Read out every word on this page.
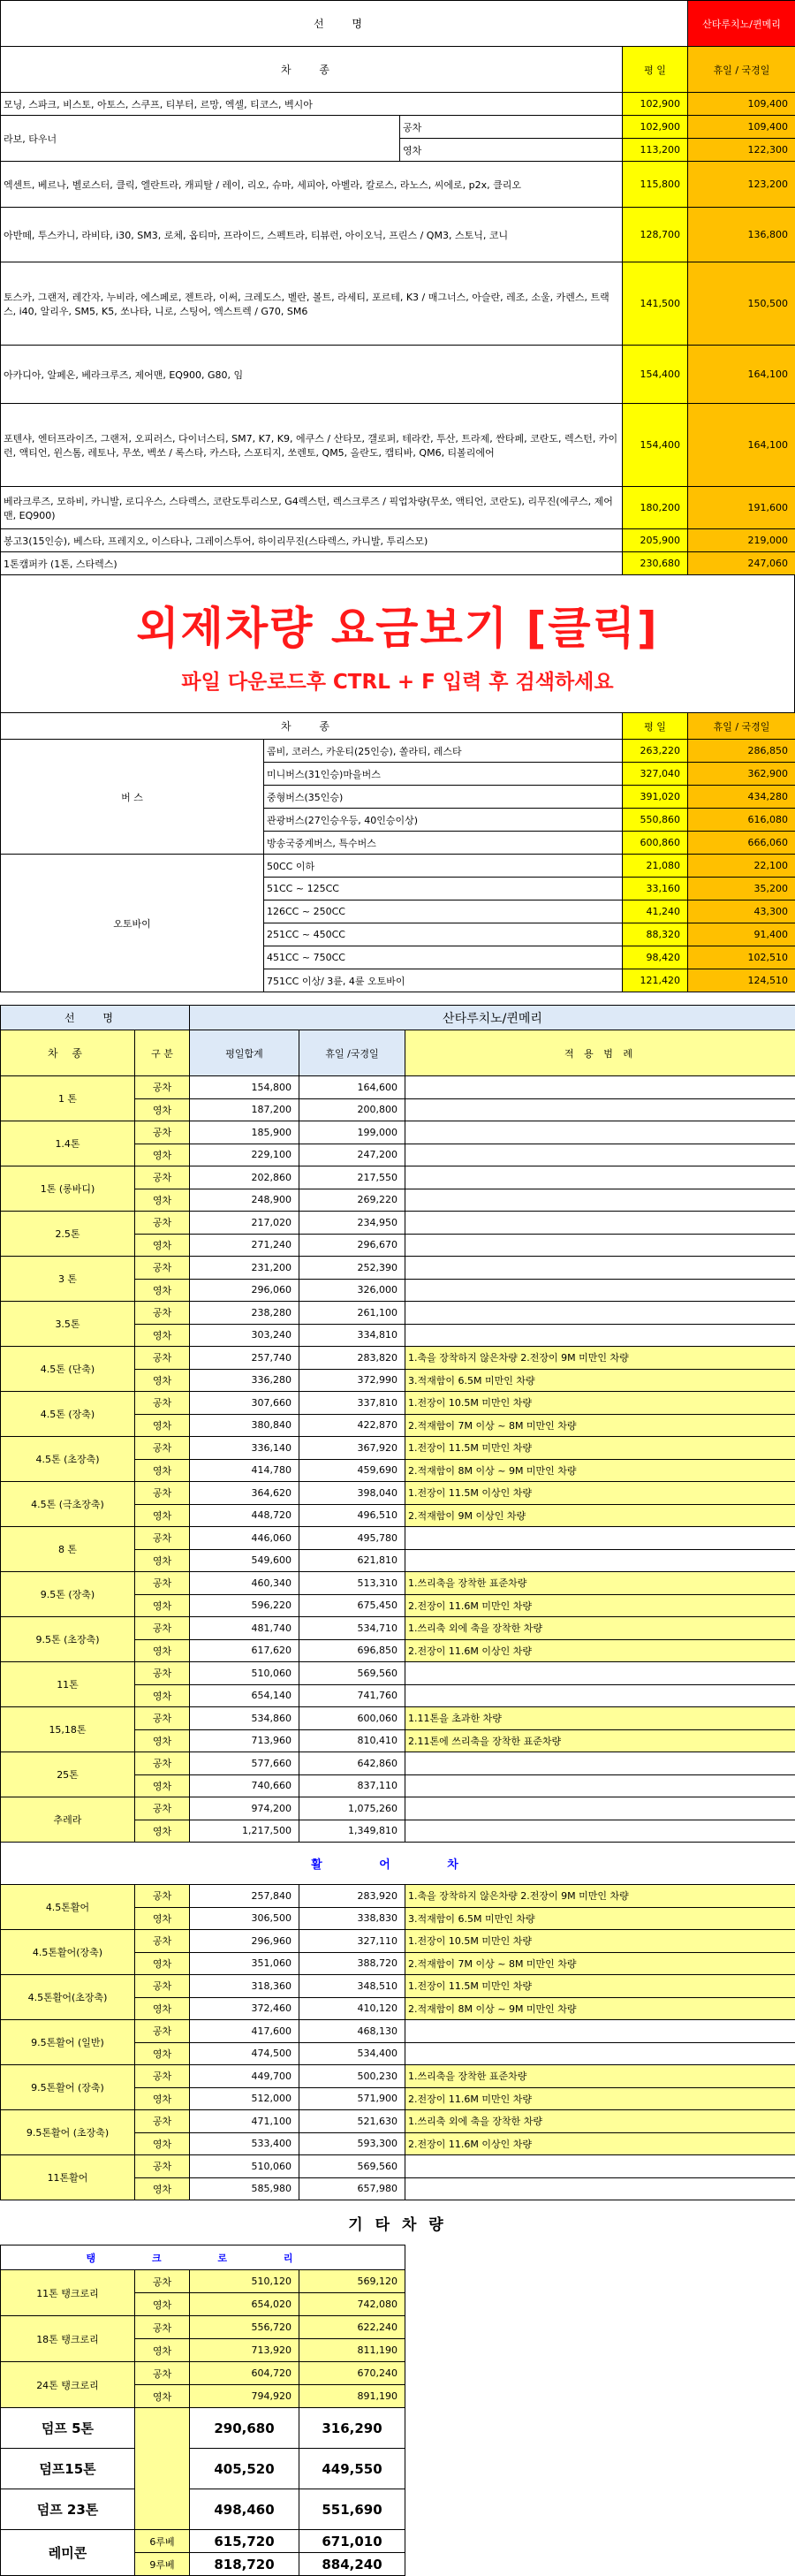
선 명			산타루치노/퀸메리
차 종		평 일	휴일 / 국경일
모닝, 스파크, 비스토, 아토스, 스쿠프, 티부터, 르망, 엑셀, 티코스, 벡시아		102,900	109,400
라보, 타우너	공차	102,900	109,400
	영차	113,200	122,300
엑센트, 베르나, 벨로스터, 클릭, 엘란트라, 캐피탈 / 레이, 리오, 슈마, 세피아, 아벨라, 칼로스, 라노스, 씨에로, p2x, 클리오		115,800	123,200
아반떼, 투스카니, 라비타, i30, SM3, 로체, 옵티마, 프라이드, 스펙트라, 티뷰런, 아이오닉, 프린스 / QM3, 스토닉, 코니		128,700	136,800
토스카, 그랜저, 레간자, 누비라, 에스페로, 젠트라, 이써, 크레도스, 벨란, 볼트, 라세티, 포르테, K3 / 매그너스, 아슬란, 레조, 소울, 카렌스, 트랙스, i40, 알리우, SM5, K5, 쏘나타, 니로, 스팅어, 엑스트렉 / G70, SM6		141,500	150,500
아카디아, 알페온, 베라크루즈, 제어맨, EQ900, G80, 임		154,400	164,100
포텐샤, 엔터프라이즈, 그랜저, 오피러스, 다이너스티, SM7, K7, K9, 에쿠스 / 산타모, 갤로퍼, 테라칸, 투산, 트라제, 싼타페, 코란도, 렉스턴, 카이런, 액티언, 윈스톰, 레토나, 무쏘, 벡쏘 / 록스타, 카스타, 스포티지, 쏘렌토, QM5, 올란도, 캡티바, QM6, 티볼리에어		154,400	164,100
베라크루즈, 모하비, 카니발, 로디우스, 스타렉스, 코란도투리스모, G4렉스턴, 렉스크루즈 / 픽업차량(무쏘, 액티언, 코란도), 리무진(에쿠스, 제어맨, EQ900)		180,200	191,600
봉고3(15인승), 베스타, 프레지오, 이스타나, 그레이스투어, 하이리무진(스타렉스, 카니발, 투리스모)		205,900	219,000
1톤캠퍼카 (1톤, 스타렉스)		230,680	247,060
외제차량 요금보기 [클릭]
파일 다운로드후 CTRL + F 입력 후 검색하세요
차 종		평 일	휴일 / 국경일
버 스	콤비, 코러스, 카운티(25인승), 쏠라티, 레스타	263,220	286,850
	미니버스(31인승)마을버스	327,040	362,900
	중형버스(35인승)	391,020	434,280
	관광버스(27인승우등, 40인승이상)	550,860	616,080
	방송국중계버스, 특수버스	600,860	666,060
오토바이	50CC 이하	21,080	22,100
	51CC ~ 125CC	33,160	35,200
	126CC ~ 250CC	41,240	43,300
	251CC ~ 450CC	88,320	91,400
	451CC ~ 750CC	98,420	102,510
	751CC 이상/ 3륜, 4륜 오토바이	121,420	124,510
선 명		산타루치노/퀸메리		
차 종	구 분	평일합계	휴일 /국경일	적 용 범 례
1 톤	공차	154,800	164,600	
	영차	187,200	200,800	
1.4톤	공차	185,900	199,000	
	영차	229,100	247,200	
1톤 (롱바디)	공차	202,860	217,550	
	영차	248,900	269,220	
2.5톤	공차	217,020	234,950	
	영차	271,240	296,670	
3 톤	공차	231,200	252,390	
	영차	296,060	326,000	
3.5톤	공차	238,280	261,100	
	영차	303,240	334,810	
4.5톤 (단축)	공차	257,740	283,820	1.축을 장착하지 않은차량 2.전장이 9M 미만인 차량
	영차	336,280	372,990	3.적재함이 6.5M 미만인 차량
4.5톤 (장축)	공차	307,660	337,810	1.전장이 10.5M 미만인 차량
	영차	380,840	422,870	2.적재함이 7M 이상 ~ 8M 미만인 차량
4.5톤 (초장축)	공차	336,140	367,920	1.전장이 11.5M 미만인 차량
	영차	414,780	459,690	2.적재함이 8M 이상 ~ 9M 미만인 차량
4.5톤 (극초장축)	공차	364,620	398,040	1.전장이 11.5M 이상인 차량
	영차	448,720	496,510	2.적재함이 9M 이상인 차량
8 톤	공차	446,060	495,780	
	영차	549,600	621,810	
9.5톤 (장축)	공차	460,340	513,310	1.쓰리축을 장착한 표준차량
	영차	596,220	675,450	2.전장이 11.6M 미만인 차량
9.5톤 (초장축)	공차	481,740	534,710	1.쓰리축 외에 축을 장착한 차량
	영차	617,620	696,850	2.전장이 11.6M 이상인 차량
11톤	공차	510,060	569,560	
	영차	654,140	741,760	
15,18톤	공차	534,860	600,060	1.11톤을 초과한 차량
	영차	713,960	810,410	2.11톤에 쓰리축을 장착한 표준차량
25톤	공차	577,660	642,860	
	영차	740,660	837,110	
추레라	공차	974,200	1,075,260	
	영차	1,217,500	1,349,810	
활 어 차				
4.5톤활어	공차	257,840	283,920	1.축을 장착하지 않은차량 2.전장이 9M 미만인 차량
	영차	306,500	338,830	3.적재함이 6.5M 미만인 차량
4.5톤활어(장축)	공차	296,960	327,110	1.전장이 10.5M 미만인 차량
	영차	351,060	388,720	2.적재함이 7M 이상 ~ 8M 미만인 차량
4.5톤활어(초장축)	공차	318,360	348,510	1.전장이 11.5M 미만인 차량
	영차	372,460	410,120	2.적재함이 8M 이상 ~ 9M 미만인 차량
9.5톤활어 (일반)	공차	417,600	468,130	
	영차	474,500	534,400	
9.5톤활어 (장축)	공차	449,700	500,230	1.쓰리축을 장착한 표준차량
	영차	512,000	571,900	2.전장이 11.6M 미만인 차량
9.5톤활어 (초장축)	공차	471,100	521,630	1.쓰리축 외에 축을 장착한 차량
	영차	533,400	593,300	2.전장이 11.6M 이상인 차량
11톤활어	공차	510,060	569,560	
	영차	585,980	657,980	
기 타 차 량
탱 크 로 리			
11톤 탱크로리	공차	510,120	569,120
	영차	654,020	742,080
18톤 탱크로리	공차	556,720	622,240
	영차	713,920	811,190
24톤 탱크로리	공차	604,720	670,240
	영차	794,920	891,190
덤프 5톤		290,680	316,290
덤프15톤		405,520	449,550
덤프 23톤		498,460	551,690
레미콘	6루베	615,720	671,010
	9루베	818,720	884,240
